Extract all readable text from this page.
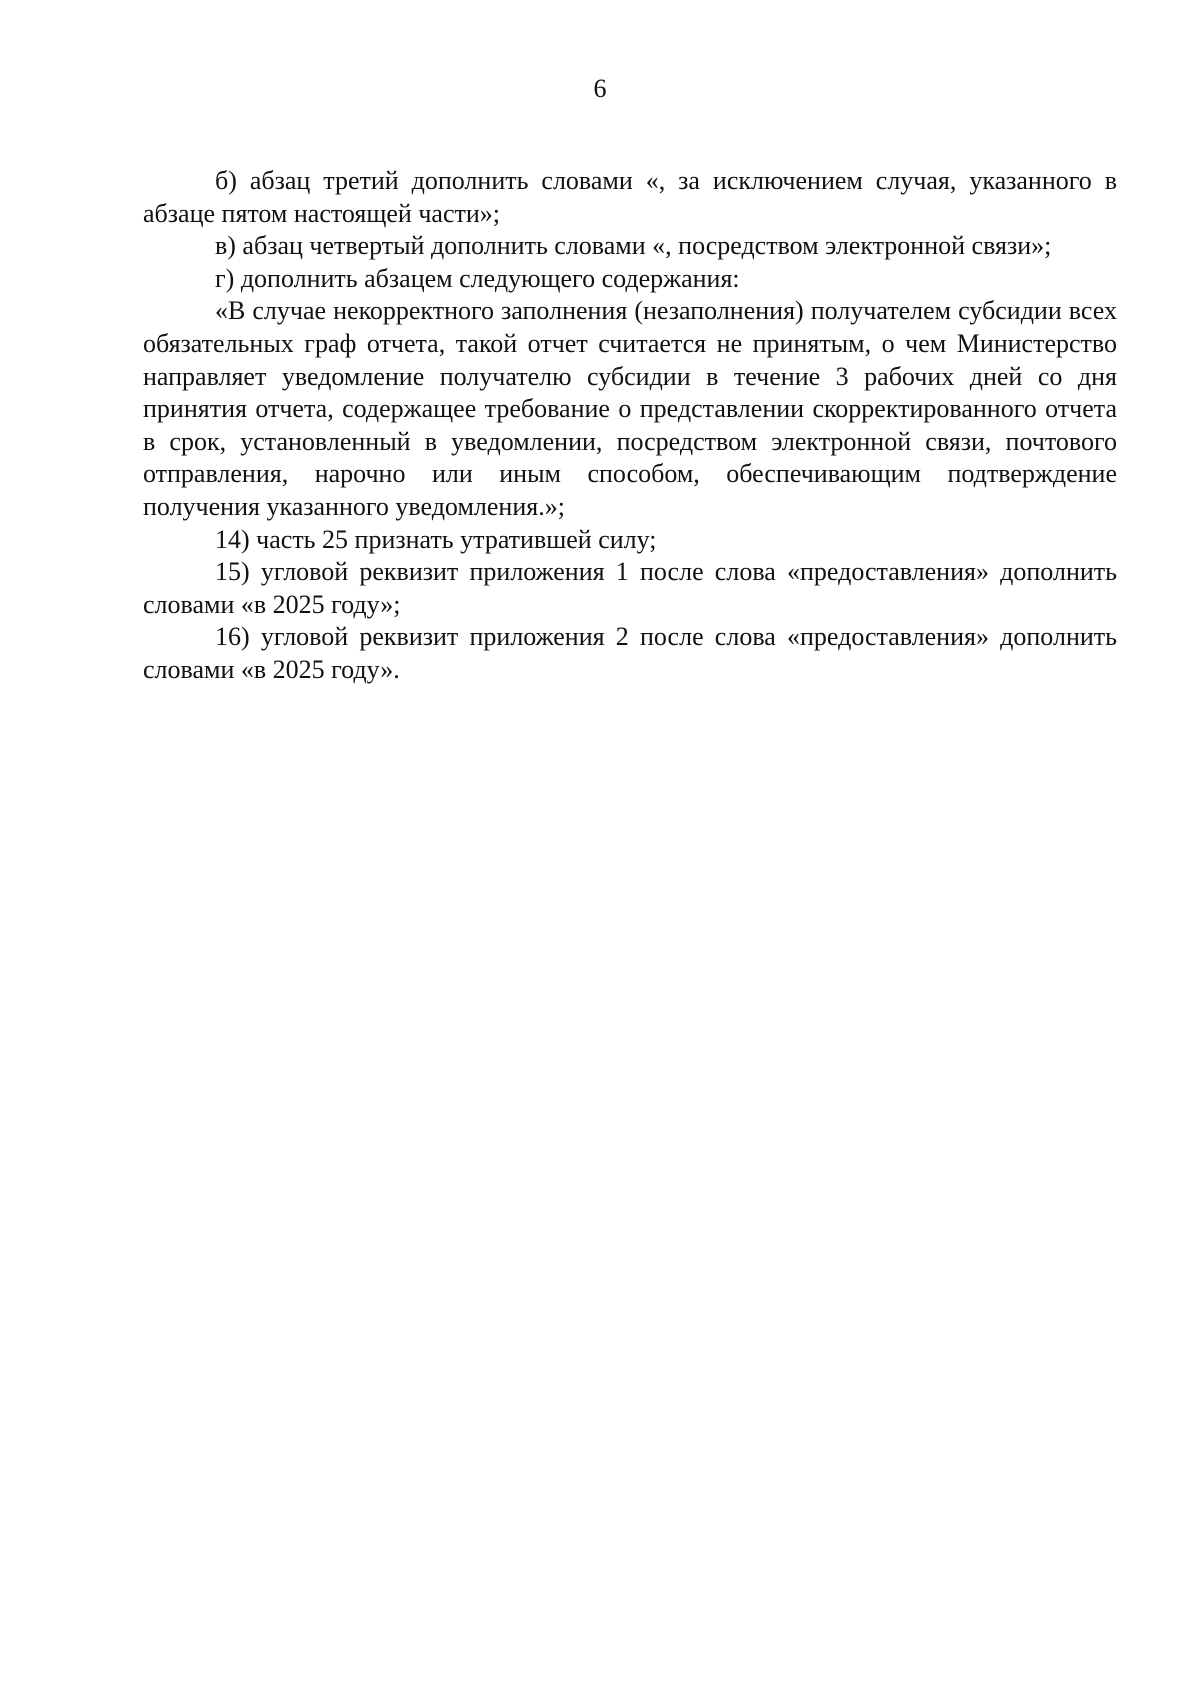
6

б) абзац третий дополнить словами «, за исключением случая, указанного в абзаце пятом настоящей части»;

в) абзац четвертый дополнить словами «, посредством электронной связи»;

г) дополнить абзацем следующего содержания:

«В случае некорректного заполнения (незаполнения) получателем субсидии всех обязательных граф отчета, такой отчет считается не принятым, о чем Министерство направляет уведомление получателю субсидии в течение 3 рабочих дней со дня принятия отчета, содержащее требование о представлении скорректированного отчета в срок, установленный в уведомлении, посредством электронной связи, почтового отправления, нарочно или иным способом, обеспечивающим подтверждение получения указанного уведомления.»;

14) часть 25 признать утратившей силу;

15) угловой реквизит приложения 1 после слова «предоставления» дополнить словами «в 2025 году»;

16) угловой реквизит приложения 2 после слова «предоставления» дополнить словами «в 2025 году».
